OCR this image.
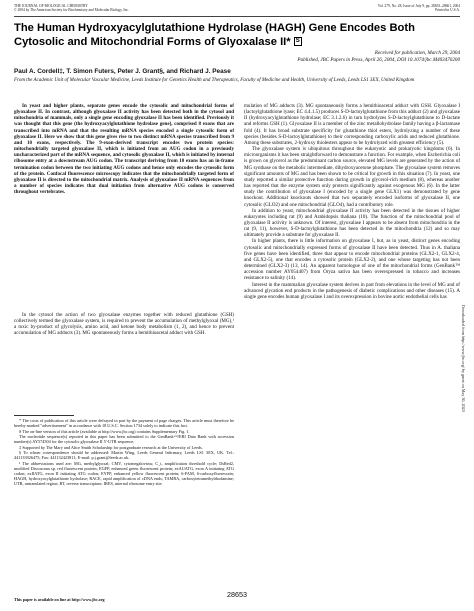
THE JOURNAL OF BIOLOGICAL CHEMISTRY
© 2004 by The American Society for Biochemistry and Molecular Biology, Inc.
Vol. 279, No. 28, Issue of July 9, pp. 28653–28661, 2004
Printed in U.S.A.
The Human Hydroxyacylglutathione Hydrolase (HAGH) Gene Encodes Both Cytosolic and Mitochondrial Forms of Glyoxalase II* S
Received for publication, March 29, 2004
Published, JBC Papers in Press, April 26, 2004, DOI 10.1074/jbc.M403470200
Paul A. Cordell‡, T. Simon Futers, Peter J. Grant§, and Richard J. Pease
From the Academic Unit of Molecular Vascular Medicine, Leeds Institute for Genetics Health and Therapeutics, Faculty of Medicine and Health, University of Leeds, Leeds LS1 3EX, United Kingdom

In yeast and higher plants, separate genes encode the cytosolic and mitochondrial forms of glyoxalase II. In contrast, although glyoxalase II activity has been detected both in the cytosol and mitochondria of mammals, only a single gene encoding glyoxalase II has been identified. Previously it was thought that this gene (the hydroxyacylglutathione hydrolase gene), comprised 8 exons that are transcribed into mRNA and that the resulting mRNA species encoded a single cytosolic form of glyoxalase II. Here we show that this gene gives rise to two distinct mRNA species transcribed from 9 and 10 exons, respectively. The 9-exon-derived transcript encodes two protein species: mitochondrially targeted glyoxalase II, which is initiated from an AUG codon in a previously uncharacterized part of the mRNA sequence, and cytosolic glyoxalase II, which is initiated by internal ribosome entry at a downstream AUG codon. The transcript deriving from 10 exons has an in-frame termination codon between the two initiating AUG codons and hence only encodes the cytosolic form of the protein. Confocal fluorescence microscopy indicates that the mitochondrially targeted form of glyoxalase II is directed to the mitochondrial matrix. Analysis of glyoxalase II mRNA sequences from a number of species indicates that dual initiation from alternative AUG codons is conserved throughout vertebrates.

In the cytosol the action of two glyoxalase enzymes together with reduced glutathione (GSH) collectively termed the glyoxalase system, is required to prevent the accumulation of methylglyoxal (MG),¹ a toxic by-product of glycolysis, amino acid, and ketone body metabolism (1, 2), and hence to prevent accumulation of MG adducts (3). MG spontaneously forms a hemithioacetal adduct with GSH.

* The costs of publication of this article were defrayed in part by the payment of page charges. This article must therefore be hereby marked "advertisement" in accordance with 18 U.S.C. Section 1734 solely to indicate this fact.

S The on-line version of this article (available at http://www.jbc.org) contains Supplementary Fig. 1.

The nucleotide sequence(s) reported in this paper has been submitted to the GenBank™/EBI Data Bank with accession number(s) AY574504 for the cytosolic glyoxalase II 5′-UTR sequence.

‡ Supported by The Mary and Alice Smith Scholarship for postgraduate research at the University of Leeds.

§ To whom correspondence should be addressed: Martin Wing, Leeds General Infirmary, Leeds LS1 3EX, UK. Tel.: 441133926475; Fax: 441132423811; E-mail: p.j.grant@leeds.ac.uk.

¹ The abbreviations used are: MG, methylglyoxal; CMV, cytomegalovirus; C_t, amplification threshold cycle; DsRed2, modified Discosoma sp. red fluorescent protein; EGFP, enhanced green fluorescent protein; exAUATG, exon A initiating ATG codon; exIIATG, exon II initiating ATG codon; EYFP, enhanced yellow fluorescent protein; 6-FAM, 6-carboxyfluorescein; HAGH, hydroxyacylglutathione hydrolase; RACE, rapid amplification of cDNA ends; TAMRA, carboxytetramethylrhodamine; UTR, untranslated region; RT, reverse transcriptase; IRES, internal ribosome entry site.

mulation of MG adducts (3). MG spontaneously forms a hemithioacetal adduct with GSH. Glyoxalase I (lactoylglutathione lyase; EC 4.4.1.5) produces S-D-lactoylglutathione from this adduct (2) and glyoxalase II (hydroxyacylglutathione hydrolase; EC 3.1.2.6) in turn hydrolyzes S-D-lactoylglutathione to D-lactate and reforms GSH (1). Glyoxalase II is a member of the zinc metallohydrolase family having a β-lactamase fold (4). It has broad substrate specificity for glutathione thiol esters, hydrolyzing a number of these species (besides S-D-lactoylglutathione) to their corresponding carboxylic acids and reduced glutathione. Among these substrates, 2-hydroxy thiolesters appear to be hydrolyzed with greatest efficiency (5).

The glyoxalase system is ubiquitous throughout the eukaryotic and prokaryotic kingdoms (6). In microorganisms it has been straightforward to demonstrate a function. For example, when Escherichia coli is grown on glycerol as the predominant carbon source, elevated MG levels are generated by the action of MG synthase on the metabolic intermediate, dihydroxyacetone phosphate. The glyoxalase system removes significant amounts of MG and has been shown to be critical for growth in this situation (7). In yeast, one study reported a similar protective function during growth in glycerol-rich medium (8), whereas another has reported that the enzyme system only protects significantly against exogenous MG (6). In the latter study the contribution of glyoxalase I (encoded by a single gene GLX1) was demonstrated by gene knockout. Additional knockouts showed that two separately encoded isoforms of glyoxalase II, one cytosolic (GLO2) and one mitochondrial (GLO4), had a contributory role.

In addition to yeast, mitochondrial glyoxalase II activity has been detected in the tissues of higher eukaryotes including rat (9) and Arabidopsis thaliana (10). The function of the mitochondrial pool of glyoxalase II activity is unknown. Of interest, glyoxalase I appears to be absent from mitochondria in the rat (9, 11), however, S-D-lactoylglutathione has been detected in the mitochondria (12) and so may ultimately provide a substrate for glyoxalase II.

In higher plants, there is little information on glyoxalase I, but, as in yeast, distinct genes encoding cytosolic and mitochondrially expressed forms of glyoxalase II have been detected. Thus in A. thaliana five genes have been identified, three that appear to encode mitochondrial proteins (GLX2-1, GLX2-4, and GLX2-5), one that encodes a cytosolic protein (GLX2-2), and one whose targeting has not been determined (GLX2-3) (13, 14). An apparent homologue of one of the mitochondrial forms (GenBank™ accession number AY054407) from Oryza sativa has been overexpressed in tobacco and increases resistance to salinity (14).

Interest in the mammalian glyoxalase system derives in part from elevations in the level of MG and of advanced glycation end products in the pathogenesis of diabetic complications and other diseases (15). A single gene encodes human glyoxalase I and its overexpression in bovine aortic endothelial cells has

This paper is available on line at http://www.jbc.org
28653
Downloaded from http://www.jbc.org/ by guest on May 30, 2020
